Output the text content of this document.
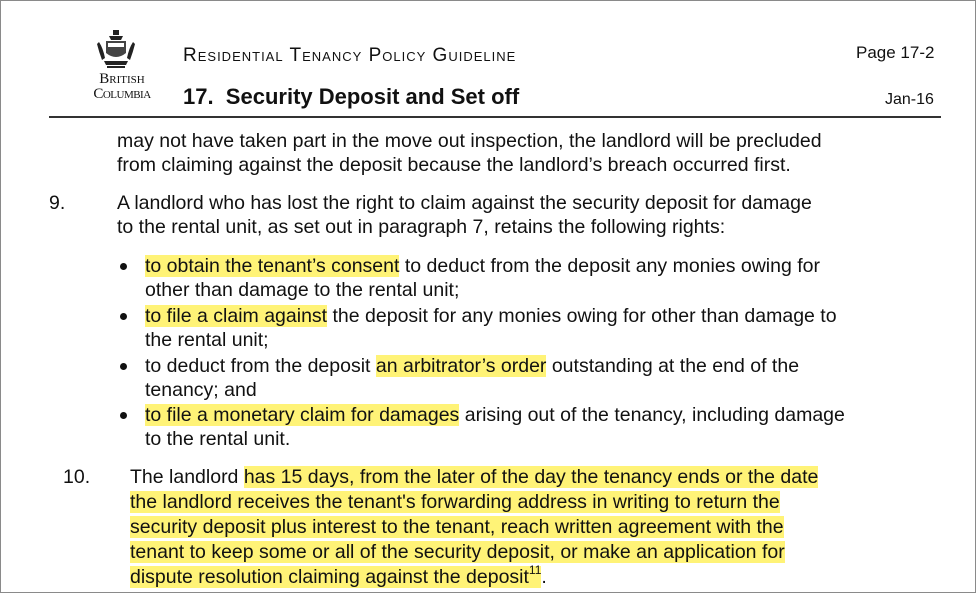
British
Columbia
Residential Tenancy Policy Guideline
17.  Security Deposit and Set off
Page 17-2
Jan-16
may not have taken part in the move out inspection, the landlord will be precluded
from claiming against the deposit because the landlord’s breach occurred first.
9.	A landlord who has lost the right to claim against the security deposit for damage
to the rental unit, as set out in paragraph 7, retains the following rights:
to obtain the tenant’s consent to deduct from the deposit any monies owing for
other than damage to the rental unit;
to file a claim against the deposit for any monies owing for other than damage to
the rental unit;
to deduct from the deposit an arbitrator’s order outstanding at the end of the
tenancy; and
to file a monetary claim for damages arising out of the tenancy, including damage
to the rental unit.
10. The landlord has 15 days, from the later of the day the tenancy ends or the date
the landlord receives the tenant's forwarding address in writing to return the
security deposit plus interest to the tenant, reach written agreement with the
tenant to keep some or all of the security deposit, or make an application for
dispute resolution claiming against the deposit$^{11}$.
